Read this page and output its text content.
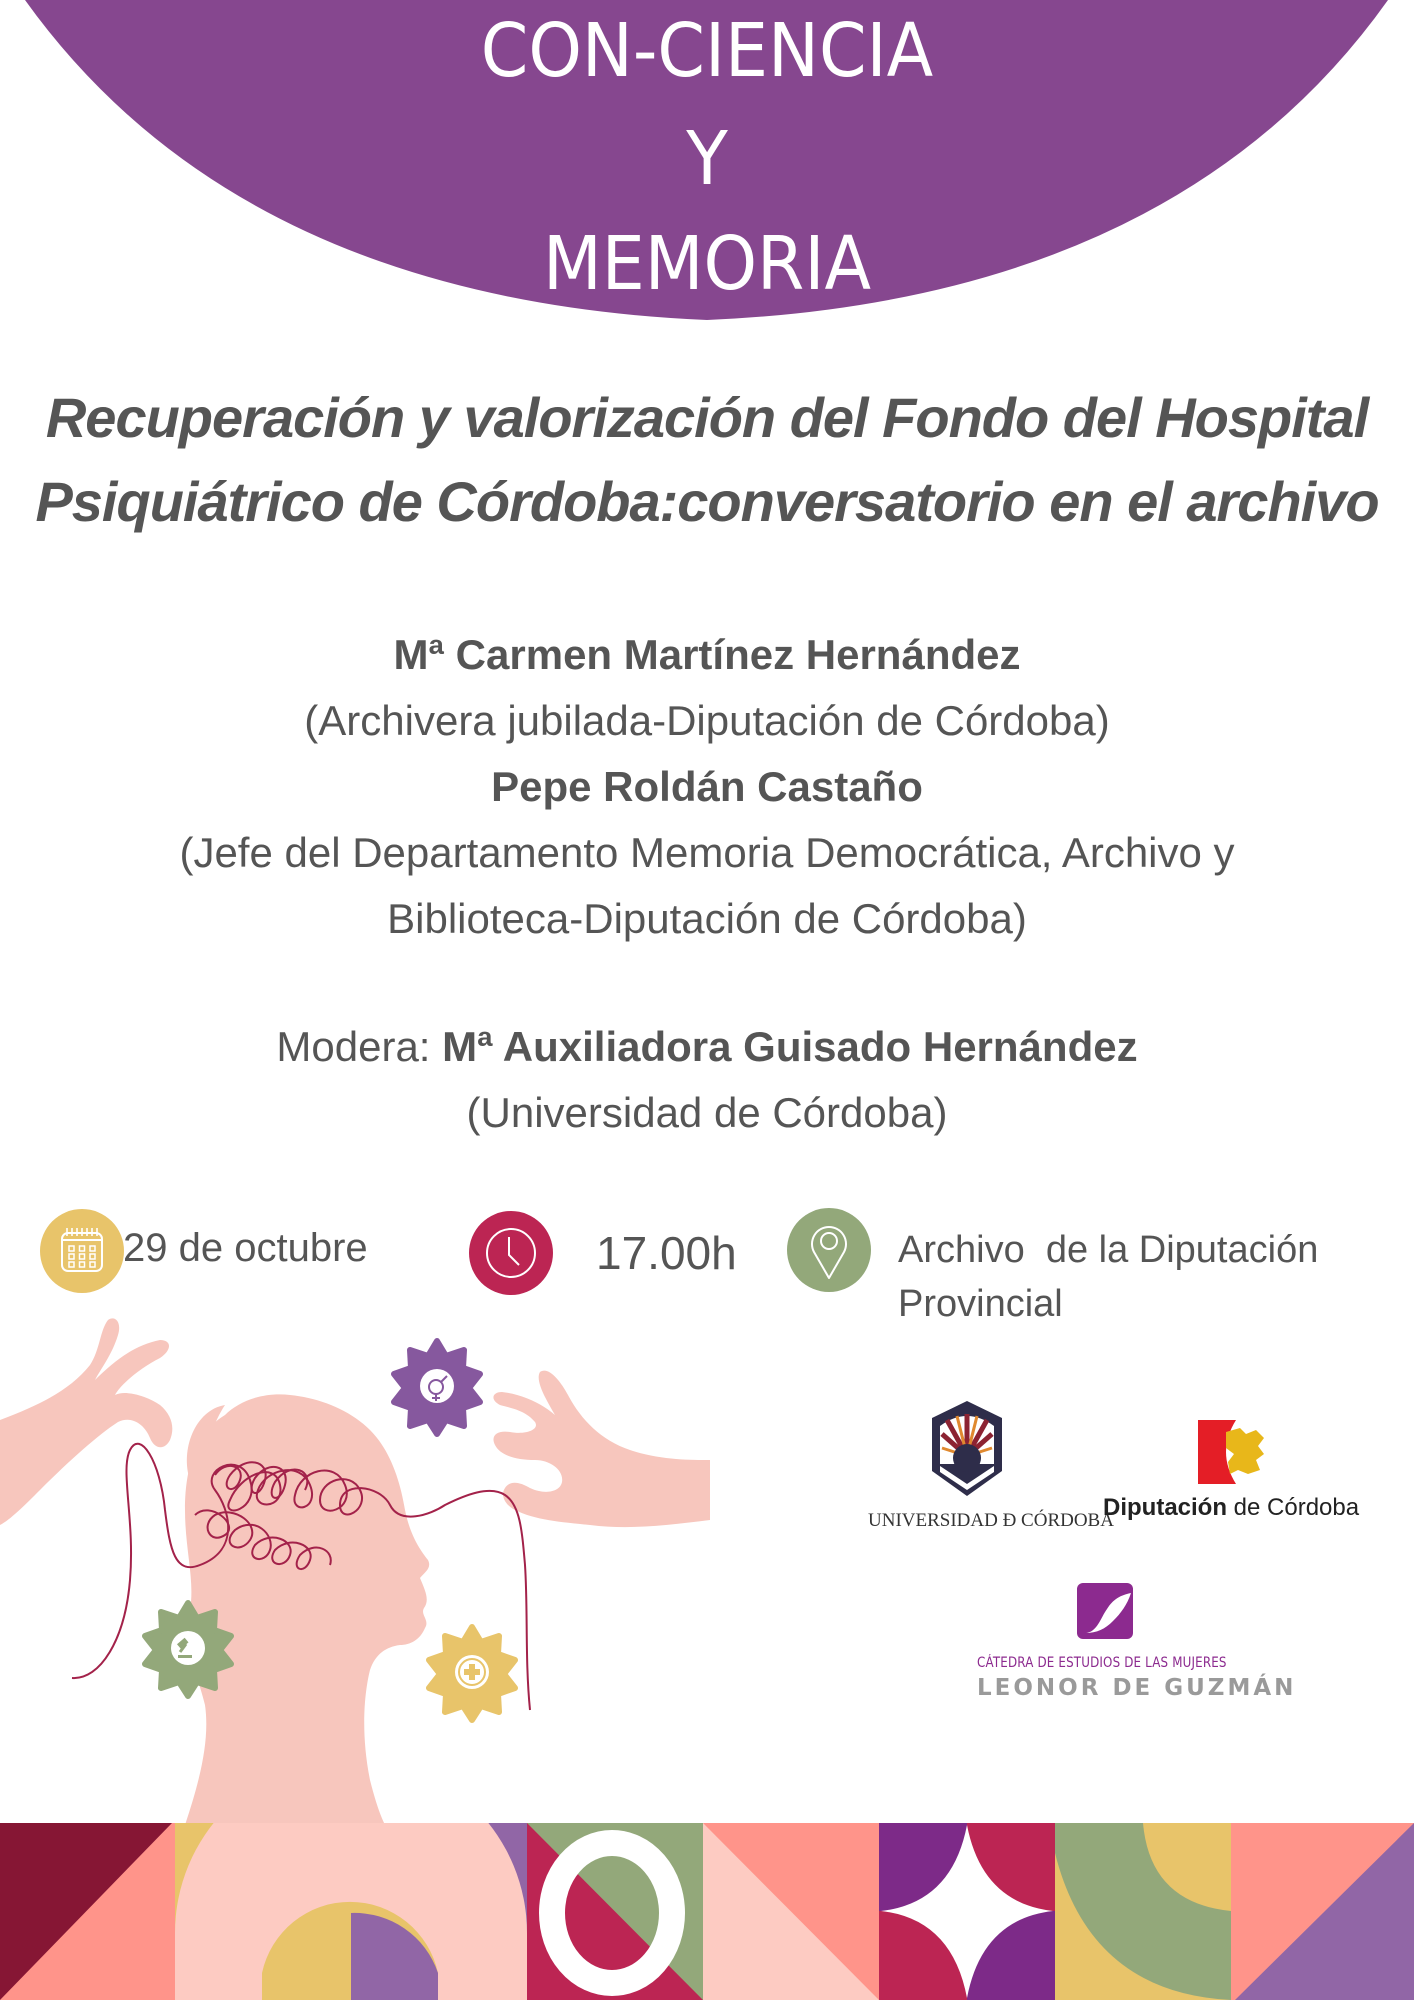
CON-CIENCIA
Y
MEMORIA
Recuperación y valorización del Fondo del Hospital
Psiquiátrico de Córdoba:conversatorio en el archivo
Mª Carmen Martínez Hernández
(Archivera jubilada-Diputación de Córdoba)
Pepe Roldán Castaño
(Jefe del Departamento Memoria Democrática, Archivo y
Biblioteca-Diputación de Córdoba)
Modera: Mª Auxiliadora Guisado Hernández
(Universidad de Córdoba)
29 de octubre	17.00h	Archivo  de la Diputación
Provincial
UNIVERSIDAD Ð CÓRDOBA
Diputación de Córdoba
CÁTEDRA DE ESTUDIOS DE LAS MUJERES
LEONOR DE GUZMÁN
